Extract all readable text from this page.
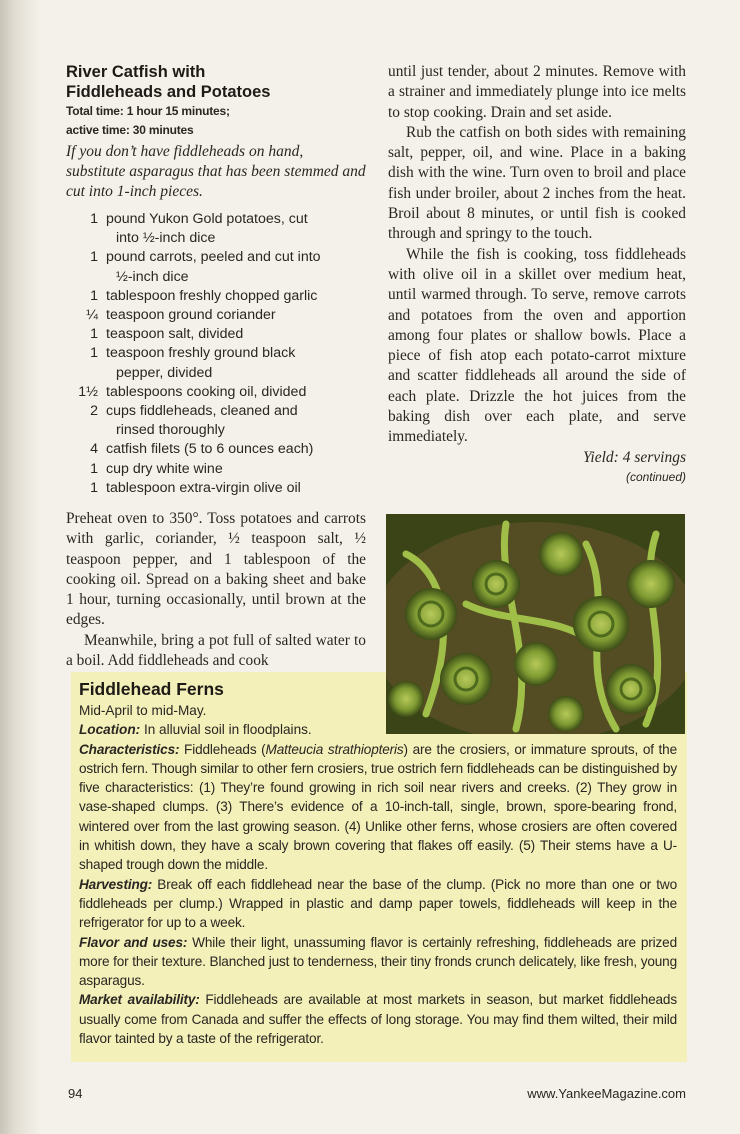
River Catfish with
Fiddleheads and Potatoes
Total time: 1 hour 15 minutes;
active time: 30 minutes
If you don’t have fiddleheads on hand, substitute asparagus that has been stemmed and cut into 1-inch pieces.
1 pound Yukon Gold potatoes, cut
into ½-inch dice
1 pound carrots, peeled and cut into
½-inch dice
1 tablespoon freshly chopped garlic
¼ teaspoon ground coriander
1 teaspoon salt, divided
1 teaspoon freshly ground black
pepper, divided
1½ tablespoons cooking oil, divided
2 cups fiddleheads, cleaned and
rinsed thoroughly
4 catfish filets (5 to 6 ounces each)
1 cup dry white wine
1 tablespoon extra-virgin olive oil

Preheat oven to 350°. Toss potatoes and carrots with garlic, coriander, ½ teaspoon salt, ½ teaspoon pepper, and 1 tablespoon of the cooking oil. Spread on a baking sheet and bake 1 hour, turning occasionally, until brown at the edges.

Meanwhile, bring a pot full of salted water to a boil. Add fiddleheads and cook

until just tender, about 2 minutes. Remove with a strainer and immediately plunge into ice melts to stop cooking. Drain and set aside.

Rub the catfish on both sides with remaining salt, pepper, oil, and wine. Place in a baking dish with the wine. Turn oven to broil and place fish under broiler, about 2 inches from the heat. Broil about 8 minutes, or until fish is cooked through and springy to the touch.

While the fish is cooking, toss fiddleheads with olive oil in a skillet over medium heat, until warmed through. To serve, remove carrots and potatoes from the oven and apportion among four plates or shallow bowls. Place a piece of fish atop each potato-carrot mixture and scatter fiddleheads all around the side of each plate. Drizzle the hot juices from the baking dish over each plate, and serve immediately.

Yield: 4 servings
(continued)
Fiddlehead Ferns
Mid-April to mid-May.
Location: In alluvial soil in floodplains.
Characteristics: Fiddleheads (Matteucia strathiopteris) are the crosiers, or immature sprouts, of the ostrich fern. Though similar to other fern crosiers, true ostrich fern fiddleheads can be distinguished by five characteristics: (1) They’re found growing in rich soil near rivers and creeks. (2) They grow in vase-shaped clumps. (3) There’s evidence of a 10-inch-tall, single, brown, spore-bearing frond, wintered over from the last growing season. (4) Unlike other ferns, whose crosiers are often covered in whitish down, they have a scaly brown covering that flakes off easily. (5) Their stems have a U-shaped trough down the middle.
Harvesting: Break off each fiddlehead near the base of the clump. (Pick no more than one or two fiddleheads per clump.) Wrapped in plastic and damp paper towels, fiddleheads will keep in the refrigerator for up to a week.
Flavor and uses: While their light, unassuming flavor is certainly refreshing, fiddleheads are prized more for their texture. Blanched just to tenderness, their tiny fronds crunch delicately, like fresh, young asparagus.
Market availability: Fiddleheads are available at most markets in season, but market fiddleheads usually come from Canada and suffer the effects of long storage. You may find them wilted, their mild flavor tainted by a taste of the refrigerator.
94	www.YankeeMagazine.com
